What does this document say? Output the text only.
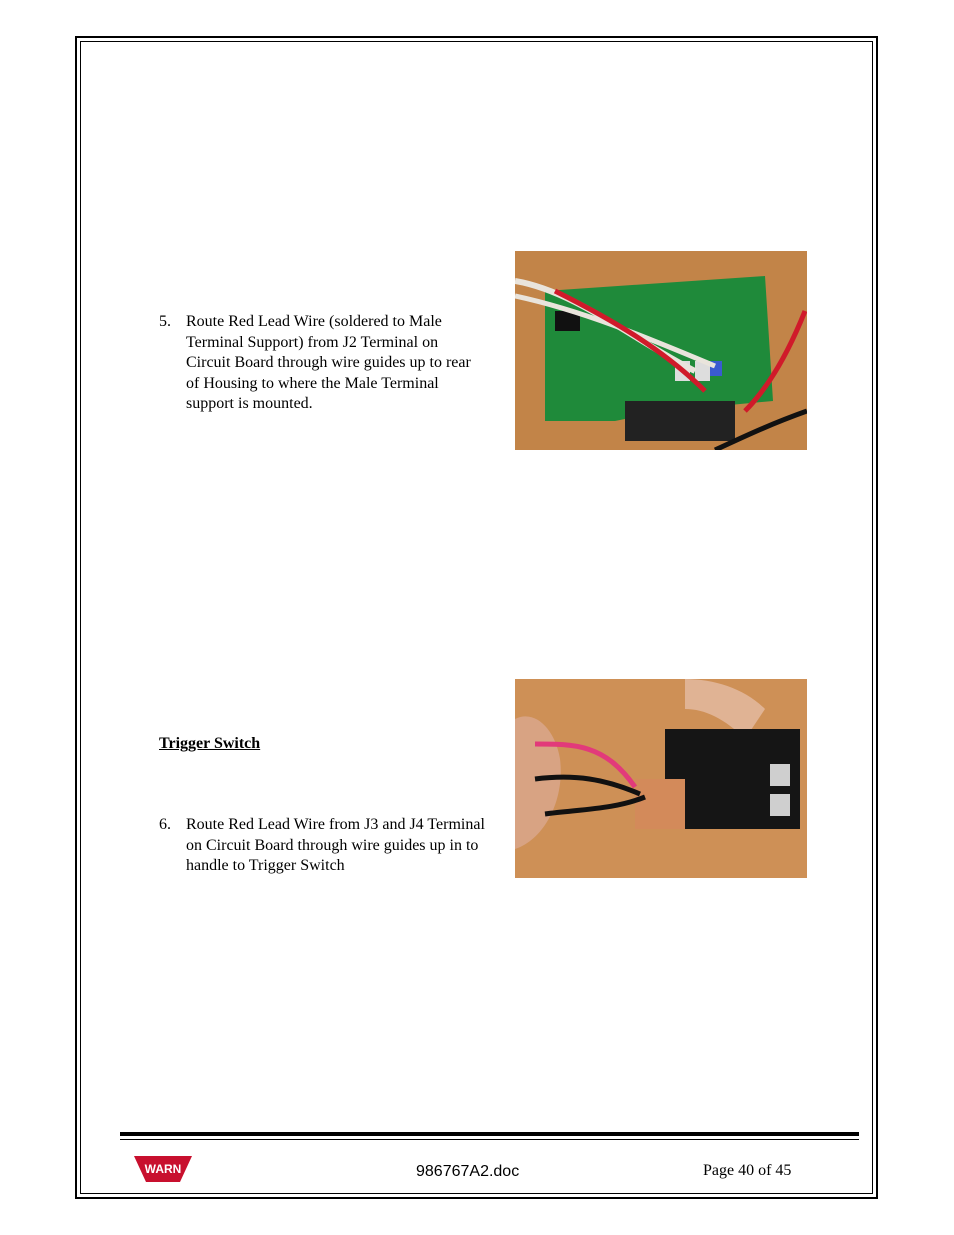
5. Route Red Lead Wire (soldered to Male Terminal Support) from J2 Terminal on Circuit Board through wire guides up to rear of Housing to where the Male Terminal support is mounted.
Trigger Switch
6. Route Red Lead Wire from J3 and J4 Terminal on Circuit Board through wire guides up in to handle to Trigger Switch
WARN	986767A2.doc	Page 40 of 45
